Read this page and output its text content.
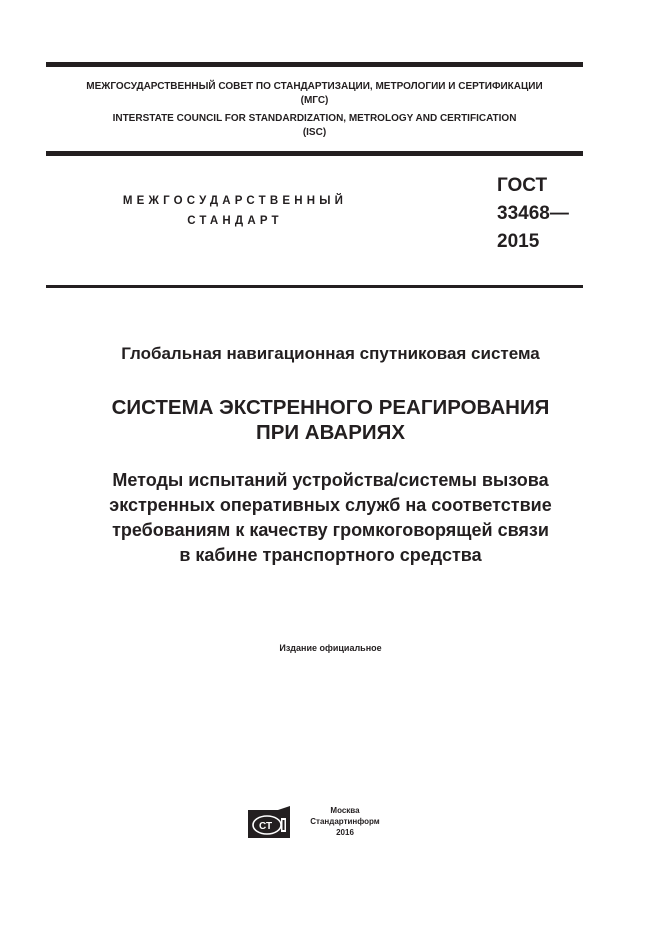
МЕЖГОСУДАРСТВЕННЫЙ СОВЕТ ПО СТАНДАРТИЗАЦИИ, МЕТРОЛОГИИ И СЕРТИФИКАЦИИ
(МГС)
INTERSTATE COUNCIL FOR STANDARDIZATION, METROLOGY AND CERTIFICATION
(ISC)
МЕЖГОСУДАРСТВЕННЫЙ
СТАНДАРТ
ГОСТ
33468—
2015
Глобальная навигационная спутниковая система
СИСТЕМА ЭКСТРЕННОГО РЕАГИРОВАНИЯ
ПРИ АВАРИЯХ
Методы испытаний устройства/системы вызова
экстренных оперативных служб на соответствие
требованиям к качеству громкоговорящей связи
в кабине транспортного средства
Издание официальное
СТ
Москва
Стандартинформ
2016
